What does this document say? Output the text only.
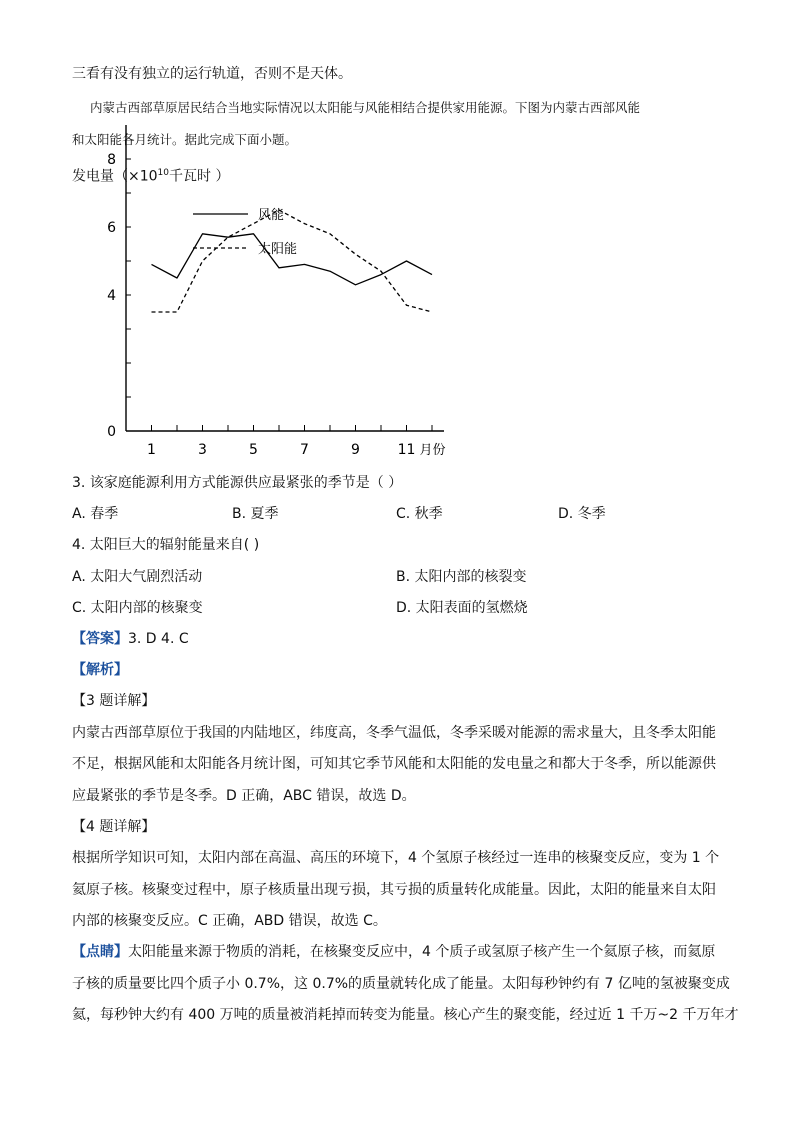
三看有没有独立的运行轨道，否则不是天体。
内蒙古西部草原居民结合当地实际情况以太阳能与风能相结合提供家用能源。下图为内蒙古西部风能
和太阳能各月统计。据此完成下面小题。
发电量（$\times 10^{10}$千瓦时 ）
0
4
6
8
1	3	5	7	9	11 月份
风能
太阳能
3. 该家庭能源利用方式能源供应最紧张的季节是（ ）
A. 春季	B. 夏季	C. 秋季	D. 冬季
4. 太阳巨大的辐射能量来自( )
A. 太阳大气剧烈活动	B. 太阳内部的核裂变
C. 太阳内部的核聚变	D. 太阳表面的氢燃烧
【答案】3. D 4. C
【解析】
【3 题详解】
内蒙古西部草原位于我国的内陆地区，纬度高，冬季气温低，冬季采暖对能源的需求量大，且冬季太阳能
不足，根据风能和太阳能各月统计图，可知其它季节风能和太阳能的发电量之和都大于冬季，所以能源供
应最紧张的季节是冬季。D 正确，ABC 错误，故选 D。
【4 题详解】
根据所学知识可知，太阳内部在高温、高压的环境下，4 个氢原子核经过一连串的核聚变反应，变为 1 个
氦原子核。核聚变过程中，原子核质量出现亏损，其亏损的质量转化成能量。因此，太阳的能量来自太阳
内部的核聚变反应。C 正确，ABD 错误，故选 C。
【点睛】太阳能量来源于物质的消耗，在核聚变反应中，4 个质子或氢原子核产生一个氦原子核，而氦原
子核的质量要比四个质子小 0.7%，这 0.7%的质量就转化成了能量。太阳每秒钟约有 7 亿吨的氢被聚变成
氦，每秒钟大约有 400 万吨的质量被消耗掉而转变为能量。核心产生的聚变能，经过近 1 千万~2 千万年才
